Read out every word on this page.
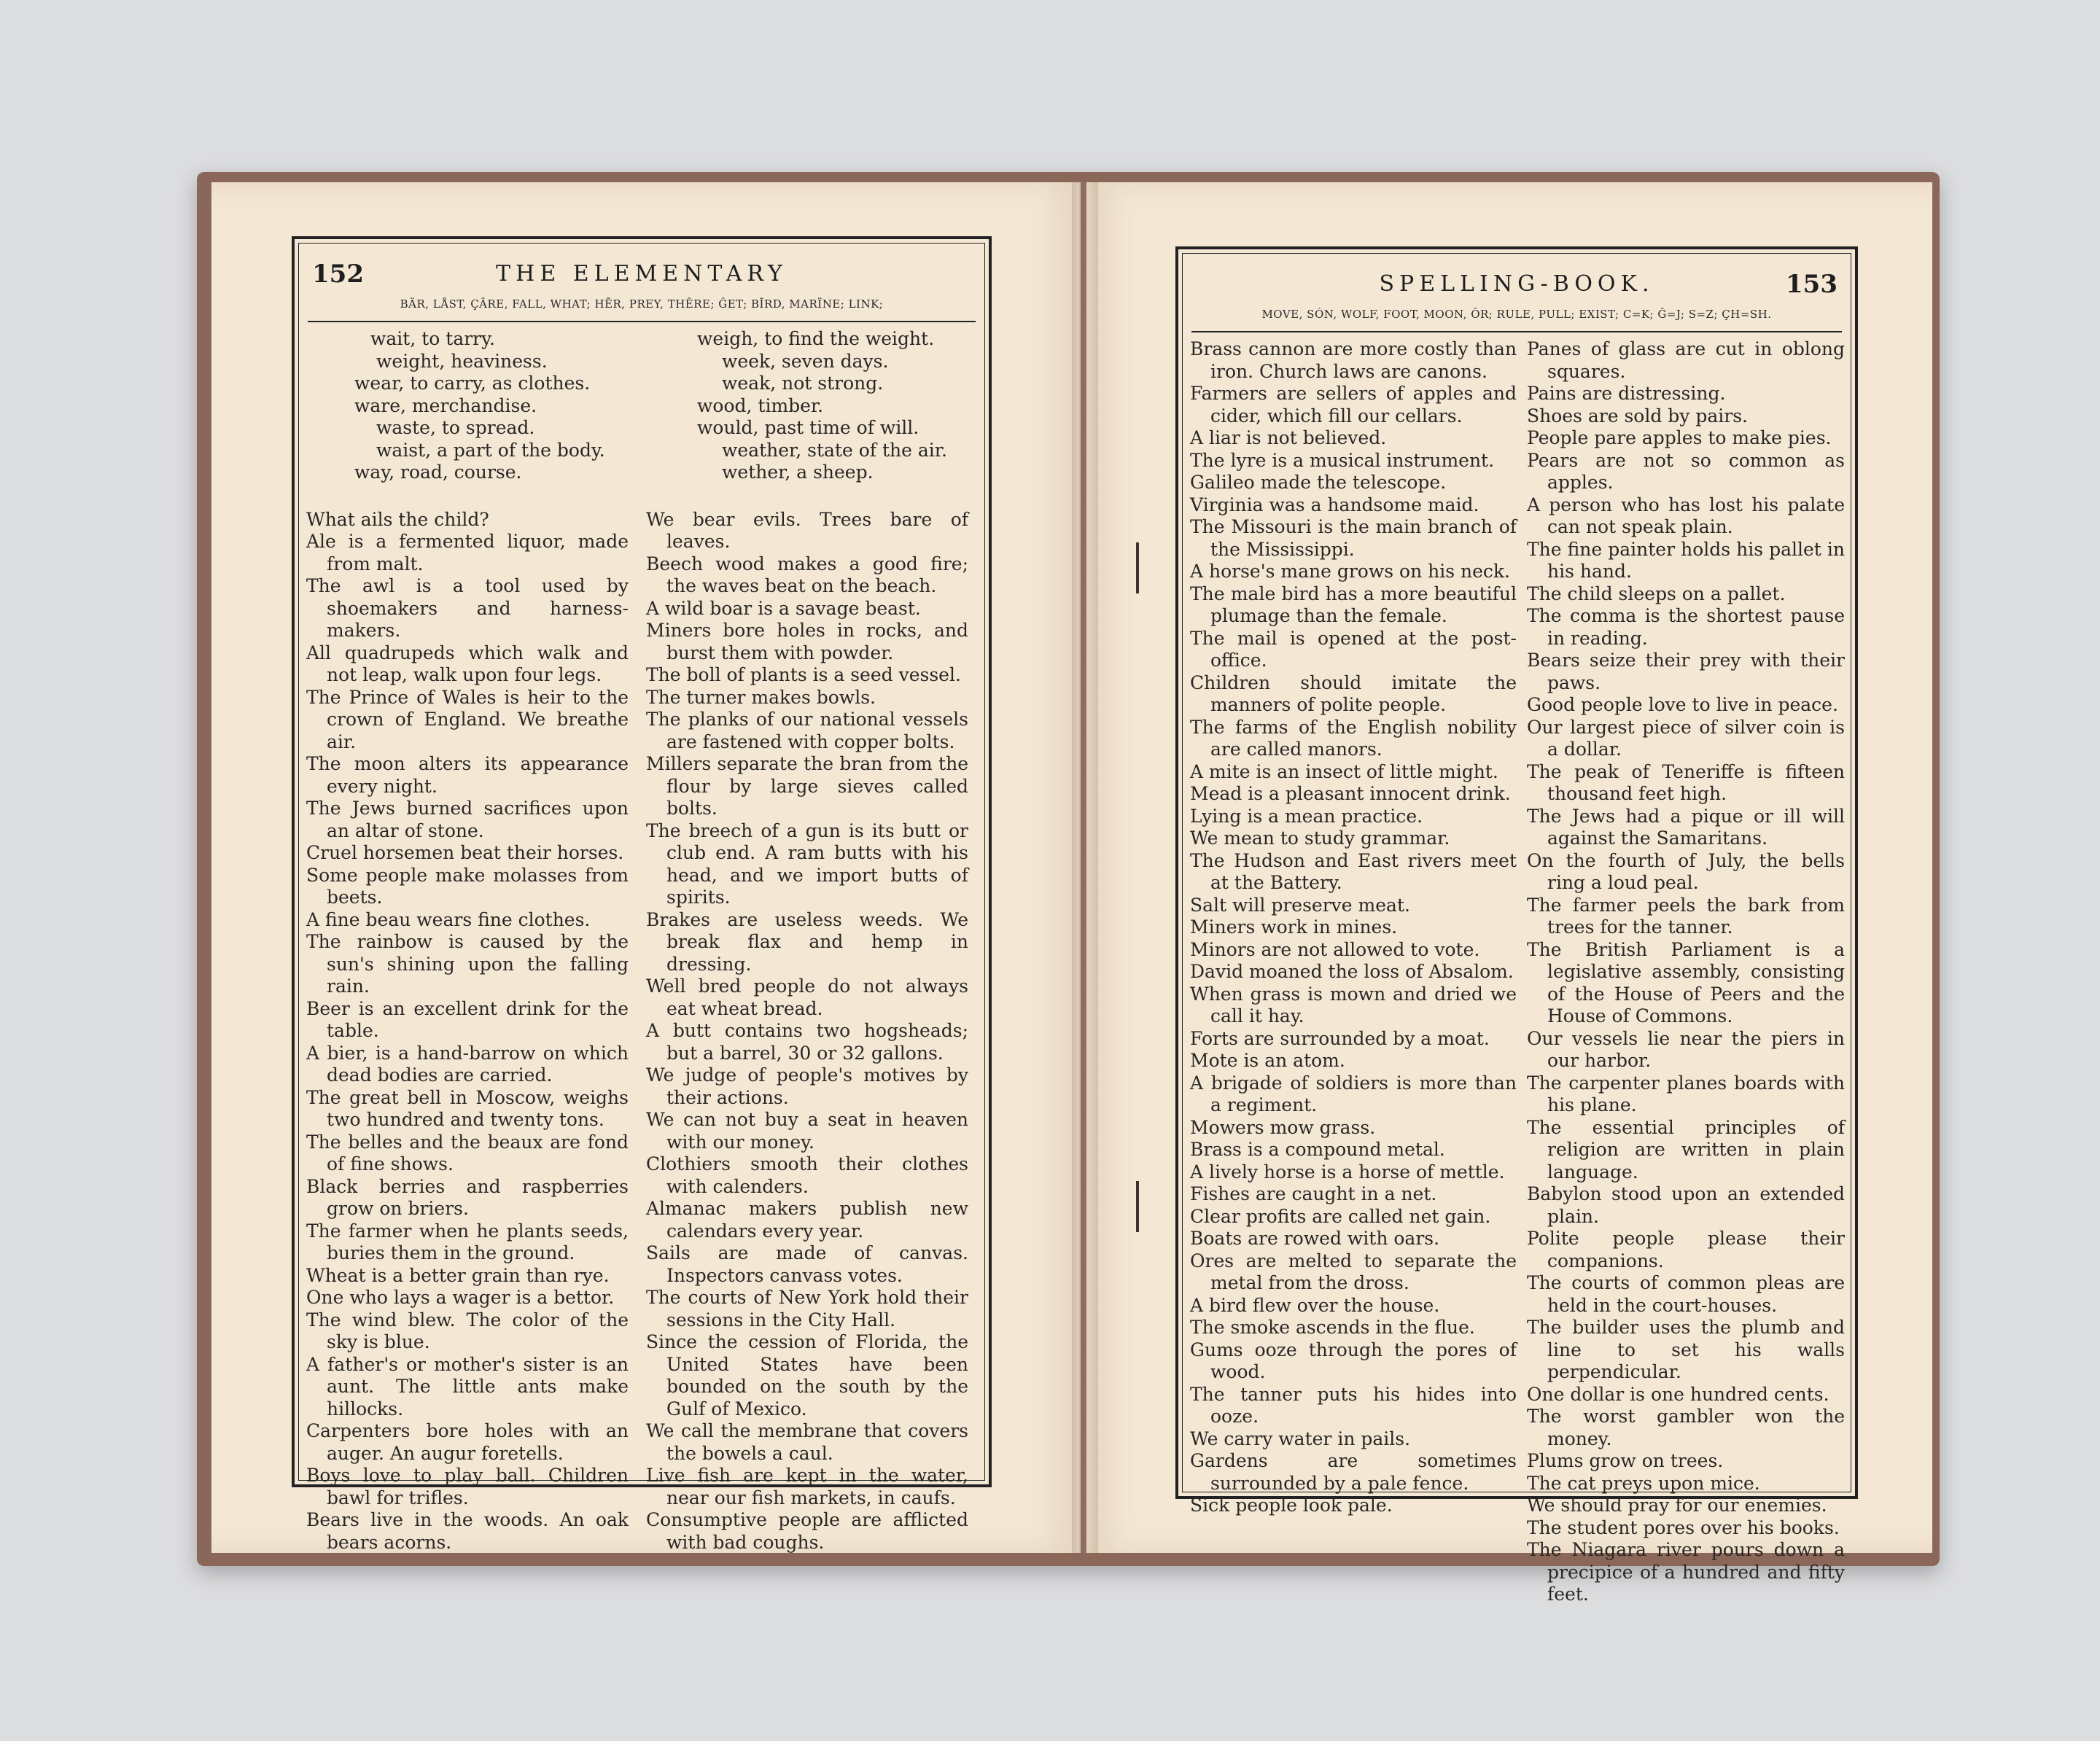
152	THE ELEMENTARY
BÄR, LÅST, ÇÂRE, FALL, WHAT; HĒR, PREY, THÊRE; ĜET; BĬRD, MARÏNE; LINK;

wait, to tarry.

weight, heaviness.

wear, to carry, as clothes.

ware, merchandise.

waste, to spread.

waist, a part of the body.

way, road, course.

What ails the child?

Ale is a fermented liquor, made from malt.

The awl is a tool used by shoemakers and harness-makers.

All quadrupeds which walk and not leap, walk upon four legs.

The Prince of Wales is heir to the crown of England. We breathe air.

The moon alters its appearance every night.

The Jews burned sacrifices upon an altar of stone.

Cruel horsemen beat their horses.

Some people make molasses from beets.

A fine beau wears fine clothes.

The rainbow is caused by the sun's shining upon the falling rain.

Beer is an excellent drink for the table.

A bier, is a hand-barrow on which dead bodies are carried.

The great bell in Moscow, weighs two hundred and twenty tons.

The belles and the beaux are fond of fine shows.

Black berries and raspberries grow on briers.

The farmer when he plants seeds, buries them in the ground.

Wheat is a better grain than rye.

One who lays a wager is a bettor.

The wind blew. The color of the sky is blue.

A father's or mother's sister is an aunt. The little ants make hillocks.

Carpenters bore holes with an auger. An augur foretells.

Boys love to play ball. Children bawl for trifles.

Bears live in the woods. An oak bears acorns.

weigh, to find the weight.

week, seven days.

weak, not strong.

wood, timber.

would, past time of will.

weather, state of the air.

wether, a sheep.

We bear evils. Trees bare of leaves.

Beech wood makes a good fire; the waves beat on the beach.

A wild boar is a savage beast.

Miners bore holes in rocks, and burst them with powder.

The boll of plants is a seed vessel.

The turner makes bowls.

The planks of our national vessels are fastened with copper bolts.

Millers separate the bran from the flour by large sieves called bolts.

The breech of a gun is its butt or club end. A ram butts with his head, and we import butts of spirits.

Brakes are useless weeds. We break flax and hemp in dressing.

Well bred people do not always eat wheat bread.

A butt contains two hogsheads; but a barrel, 30 or 32 gallons.

We judge of people's motives by their actions.

We can not buy a seat in heaven with our money.

Clothiers smooth their clothes with calenders.

Almanac makers publish new calendars every year.

Sails are made of canvas. Inspectors canvass votes.

The courts of New York hold their sessions in the City Hall.

Since the cession of Florida, the United States have been bounded on the south by the Gulf of Mexico.

We call the membrane that covers the bowels a caul.

Live fish are kept in the water, near our fish markets, in caufs.

Consumptive people are afflicted with bad coughs.

SPELLING-BOOK.	153
MOVE, SÓN, WOLF, FOOT, MOON, ÔR; RULE, PULL; EXIST; C=K; Ĝ=J; S=Z; ÇH=SH.

Brass cannon are more costly than iron. Church laws are canons.

Farmers are sellers of apples and cider, which fill our cellars.

A liar is not believed.

The lyre is a musical instrument.

Galileo made the telescope.

Virginia was a handsome maid.

The Missouri is the main branch of the Mississippi.

A horse's mane grows on his neck.

The male bird has a more beautiful plumage than the female.

The mail is opened at the post-office.

Children should imitate the manners of polite people.

The farms of the English nobility are called manors.

A mite is an insect of little might.

Mead is a pleasant innocent drink.

Lying is a mean practice.

We mean to study grammar.

The Hudson and East rivers meet at the Battery.

Salt will preserve meat.

Miners work in mines.

Minors are not allowed to vote.

David moaned the loss of Absalom.

When grass is mown and dried we call it hay.

Forts are surrounded by a moat.

Mote is an atom.

A brigade of soldiers is more than a regiment.

Mowers mow grass.

Brass is a compound metal.

A lively horse is a horse of mettle.

Fishes are caught in a net.

Clear profits are called net gain.

Boats are rowed with oars.

Ores are melted to separate the metal from the dross.

A bird flew over the house.

The smoke ascends in the flue.

Gums ooze through the pores of wood.

The tanner puts his hides into ooze.

We carry water in pails.

Gardens are sometimes surrounded by a pale fence.

Sick people look pale.

Panes of glass are cut in oblong squares.

Pains are distressing.

Shoes are sold by pairs.

People pare apples to make pies.

Pears are not so common as apples.

A person who has lost his palate can not speak plain.

The fine painter holds his pallet in his hand.

The child sleeps on a pallet.

The comma is the shortest pause in reading.

Bears seize their prey with their paws.

Good people love to live in peace.

Our largest piece of silver coin is a dollar.

The peak of Teneriffe is fifteen thousand feet high.

The Jews had a pique or ill will against the Samaritans.

On the fourth of July, the bells ring a loud peal.

The farmer peels the bark from trees for the tanner.

The British Parliament is a legislative assembly, consisting of the House of Peers and the House of Commons.

Our vessels lie near the piers in our harbor.

The carpenter planes boards with his plane.

The essential principles of religion are written in plain language.

Babylon stood upon an extended plain.

Polite people please their companions.

The courts of common pleas are held in the court-houses.

The builder uses the plumb and line to set his walls perpendicular.

One dollar is one hundred cents.

The worst gambler won the money.

Plums grow on trees.

The cat preys upon mice.

We should pray for our enemies.

The student pores over his books.

The Niagara river pours down a precipice of a hundred and fifty feet.
